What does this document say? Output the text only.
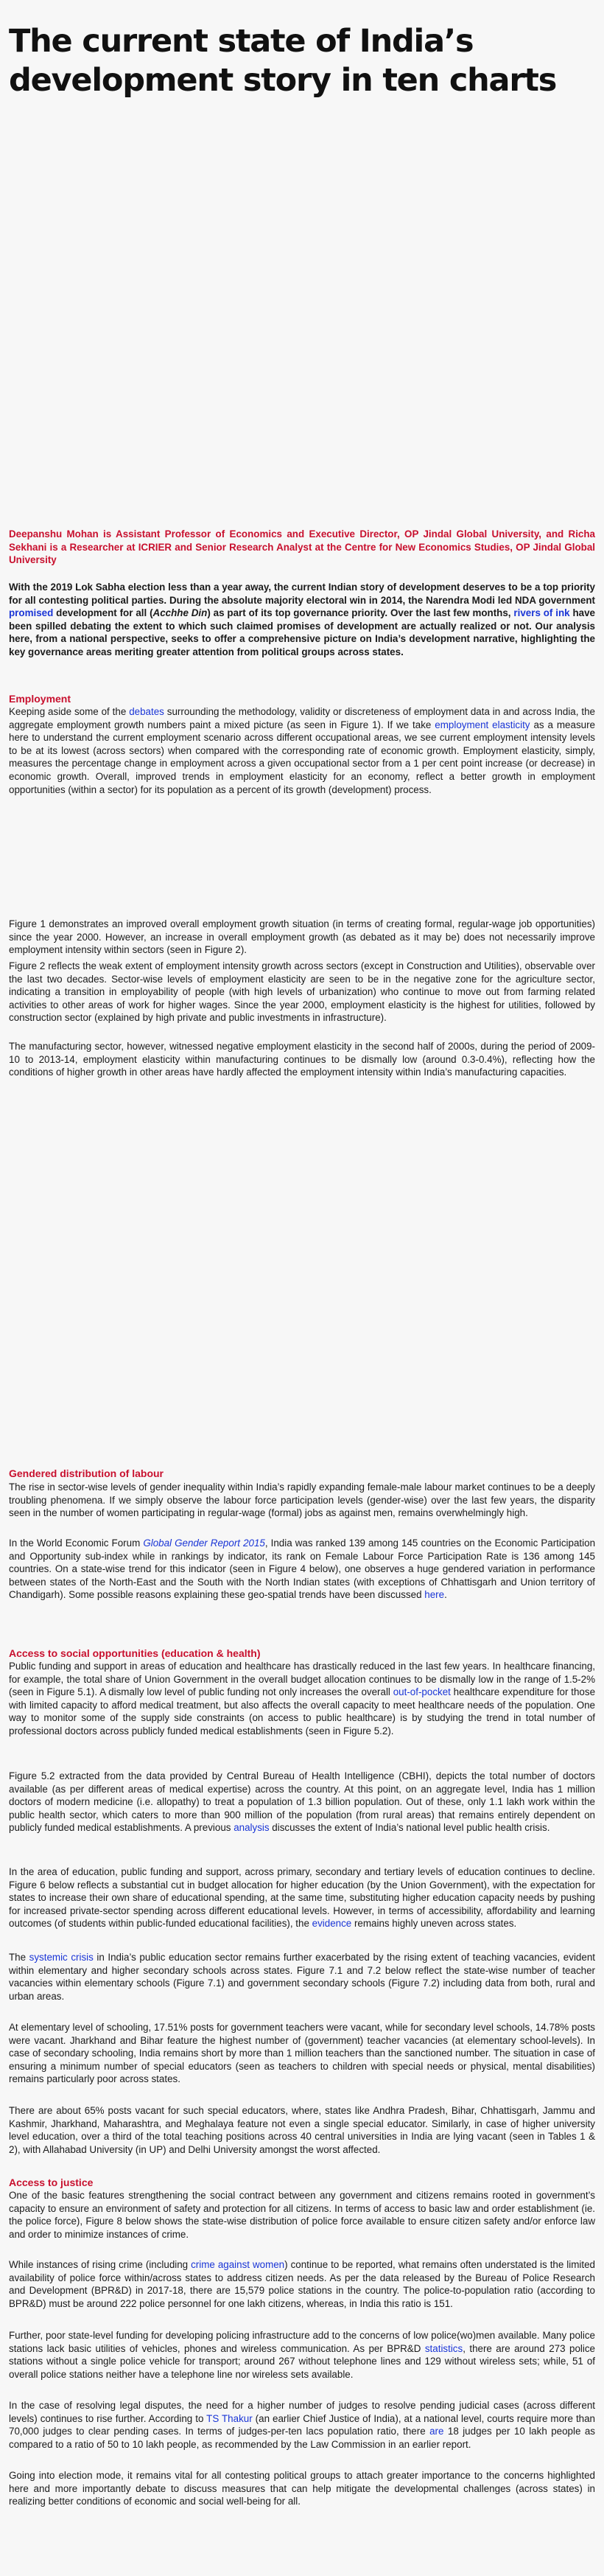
The current state of India’s development story in ten charts

Deepanshu Mohan is Assistant Professor of Economics and Executive Director, OP Jindal Global University, and Richa Sekhani is a Researcher at ICRIER and Senior Research Analyst at the Centre for New Economics Studies, OP Jindal Global University

With the 2019 Lok Sabha election less than a year away, the current Indian story of development deserves to be a top priority for all contesting political parties. During the absolute majority electoral win in 2014, the Narendra Modi led NDA government promised development for all (Acchhe Din) as part of its top governance priority. Over the last few months, rivers of ink have been spilled debating the extent to which such claimed promises of development are actually realized or not. Our analysis here, from a national perspective, seeks to offer a comprehensive picture on India’s development narrative, highlighting the key governance areas meriting greater attention from political groups across states.

Employment

Keeping aside some of the debates surrounding the methodology, validity or discreteness of employment data in and across India, the aggregate employment growth numbers paint a mixed picture (as seen in Figure 1). If we take employment elasticity as a measure here to understand the current employment scenario across different occupational areas, we see current employment intensity levels to be at its lowest (across sectors) when compared with the corresponding rate of economic growth. Employment elasticity, simply, measures the percentage change in employment across a given occupational sector from a 1 per cent point increase (or decrease) in economic growth. Overall, improved trends in employment elasticity for an economy, reflect a better growth in employment opportunities (within a sector) for its population as a percent of its growth (development) process.

Figure 1 demonstrates an improved overall employment growth situation (in terms of creating formal, regular-wage job opportunities) since the year 2000. However, an increase in overall employment growth (as debated as it may be) does not necessarily improve employment intensity within sectors (seen in Figure 2).

Figure 2 reflects the weak extent of employment intensity growth across sectors (except in Construction and Utilities), observable over the last two decades. Sector-wise levels of employment elasticity are seen to be in the negative zone for the agriculture sector, indicating a transition in employability of people (with high levels of urbanization) who continue to move out from farming related activities to other areas of work for higher wages. Since the year 2000, employment elasticity is the highest for utilities, followed by construction sector (explained by high private and public investments in infrastructure).

The manufacturing sector, however, witnessed negative employment elasticity in the second half of 2000s, during the period of 2009-10 to 2013-14, employment elasticity within manufacturing continues to be dismally low (around 0.3-0.4%), reflecting how the conditions of higher growth in other areas have hardly affected the employment intensity within India’s manufacturing capacities.

Gendered distribution of labour

The rise in sector-wise levels of gender inequality within India’s rapidly expanding female-male labour market continues to be a deeply troubling phenomena. If we simply observe the labour force participation levels (gender-wise) over the last few years, the disparity seen in the number of women participating in regular-wage (formal) jobs as against men, remains overwhelmingly high.

In the World Economic Forum Global Gender Report 2015, India was ranked 139 among 145 countries on the Economic Participation and Opportunity sub-index while in rankings by indicator, its rank on Female Labour Force Participation Rate is 136 among 145 countries. On a state-wise trend for this indicator (seen in Figure 4 below), one observes a huge gendered variation in performance between states of the North-East and the South with the North Indian states (with exceptions of Chhattisgarh and Union territory of Chandigarh). Some possible reasons explaining these geo-spatial trends have been discussed here.

Access to social opportunities (education & health)

Public funding and support in areas of education and healthcare has drastically reduced in the last few years. In healthcare financing, for example, the total share of Union Government in the overall budget allocation continues to be dismally low in the range of 1.5-2% (seen in Figure 5.1). A dismally low level of public funding not only increases the overall out-of-pocket healthcare expenditure for those with limited capacity to afford medical treatment, but also affects the overall capacity to meet healthcare needs of the population. One way to monitor some of the supply side constraints (on access to public healthcare) is by studying the trend in total number of professional doctors across publicly funded medical establishments (seen in Figure 5.2).

Figure 5.2 extracted from the data provided by Central Bureau of Health Intelligence (CBHI), depicts the total number of doctors available (as per different areas of medical expertise) across the country. At this point, on an aggregate level, India has 1 million doctors of modern medicine (i.e. allopathy) to treat a population of 1.3 billion population. Out of these, only 1.1 lakh work within the public health sector, which caters to more than 900 million of the population (from rural areas) that remains entirely dependent on publicly funded medical establishments. A previous analysis discusses the extent of India’s national level public health crisis.

In the area of education, public funding and support, across primary, secondary and tertiary levels of education continues to decline. Figure 6 below reflects a substantial cut in budget allocation for higher education (by the Union Government), with the expectation for states to increase their own share of educational spending, at the same time, substituting higher education capacity needs by pushing for increased private-sector spending across different educational levels. However, in terms of accessibility, affordability and learning outcomes (of students within public-funded educational facilities), the evidence remains highly uneven across states.

The systemic crisis in India’s public education sector remains further exacerbated by the rising extent of teaching vacancies, evident within elementary and higher secondary schools across states. Figure 7.1 and 7.2 below reflect the state-wise number of teacher vacancies within elementary schools (Figure 7.1) and government secondary schools (Figure 7.2) including data from both, rural and urban areas.

At elementary level of schooling, 17.51% posts for government teachers were vacant, while for secondary level schools, 14.78% posts were vacant. Jharkhand and Bihar feature the highest number of (government) teacher vacancies (at elementary school-levels). In case of secondary schooling, India remains short by more than 1 million teachers than the sanctioned number. The situation in case of ensuring a minimum number of special educators (seen as teachers to children with special needs or physical, mental disabilities) remains particularly poor across states.

There are about 65% posts vacant for such special educators, where, states like Andhra Pradesh, Bihar, Chhattisgarh, Jammu and Kashmir, Jharkhand, Maharashtra, and Meghalaya feature not even a single special educator. Similarly, in case of higher university level education, over a third of the total teaching positions across 40 central universities in India are lying vacant (seen in Tables 1 & 2), with Allahabad University (in UP) and Delhi University amongst the worst affected.

Access to justice

One of the basic features strengthening the social contract between any government and citizens remains rooted in government’s capacity to ensure an environment of safety and protection for all citizens. In terms of access to basic law and order establishment (ie. the police force), Figure 8 below shows the state-wise distribution of police force available to ensure citizen safety and/or enforce law and order to minimize instances of crime.

While instances of rising crime (including crime against women) continue to be reported, what remains often understated is the limited availability of police force within/across states to address citizen needs. As per the data released by the Bureau of Police Research and Development (BPR&D) in 2017-18, there are 15,579 police stations in the country. The police-to-population ratio (according to BPR&D) must be around 222 police personnel for one lakh citizens, whereas, in India this ratio is 151.

Further, poor state-level funding for developing policing infrastructure add to the concerns of low police(wo)men available. Many police stations lack basic utilities of vehicles, phones and wireless communication. As per BPR&D statistics, there are around 273 police stations without a single police vehicle for transport; around 267 without telephone lines and 129 without wireless sets; while, 51 of overall police stations neither have a telephone line nor wireless sets available.

In the case of resolving legal disputes, the need for a higher number of judges to resolve pending judicial cases (across different levels) continues to rise further. According to TS Thakur (an earlier Chief Justice of India), at a national level, courts require more than 70,000 judges to clear pending cases. In terms of judges-per-ten lacs population ratio, there are 18 judges per 10 lakh people as compared to a ratio of 50 to 10 lakh people, as recommended by the Law Commission in an earlier report.

Going into election mode, it remains vital for all contesting political groups to attach greater importance to the concerns highlighted here and more importantly debate to discuss measures that can help mitigate the developmental challenges (across states) in realizing better conditions of economic and social well-being for all.
